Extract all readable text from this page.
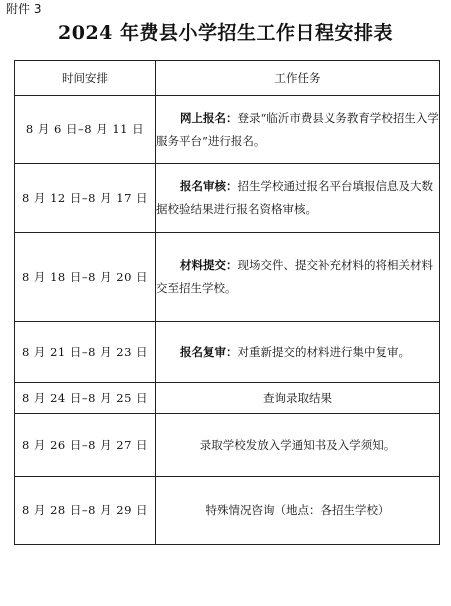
附件 3
2024 年费县小学招生工作日程安排表
时间安排	工作任务
8 月 6 日–8 月 11 日	网上报名：登录“临沂市费县义务教育学校招生入学服务平台”进行报名。
8 月 12 日–8 月 17 日	报名审核：招生学校通过报名平台填报信息及大数据校验结果进行报名资格审核。
8 月 18 日–8 月 20 日	材料提交：现场交件、提交补充材料的将相关材料交至招生学校。
8 月 21 日–8 月 23 日	报名复审：对重新提交的材料进行集中复审。
8 月 24 日–8 月 25 日	查询录取结果
8 月 26 日–8 月 27 日	录取学校发放入学通知书及入学须知。
8 月 28 日–8 月 29 日	特殊情况咨询（地点：各招生学校）
